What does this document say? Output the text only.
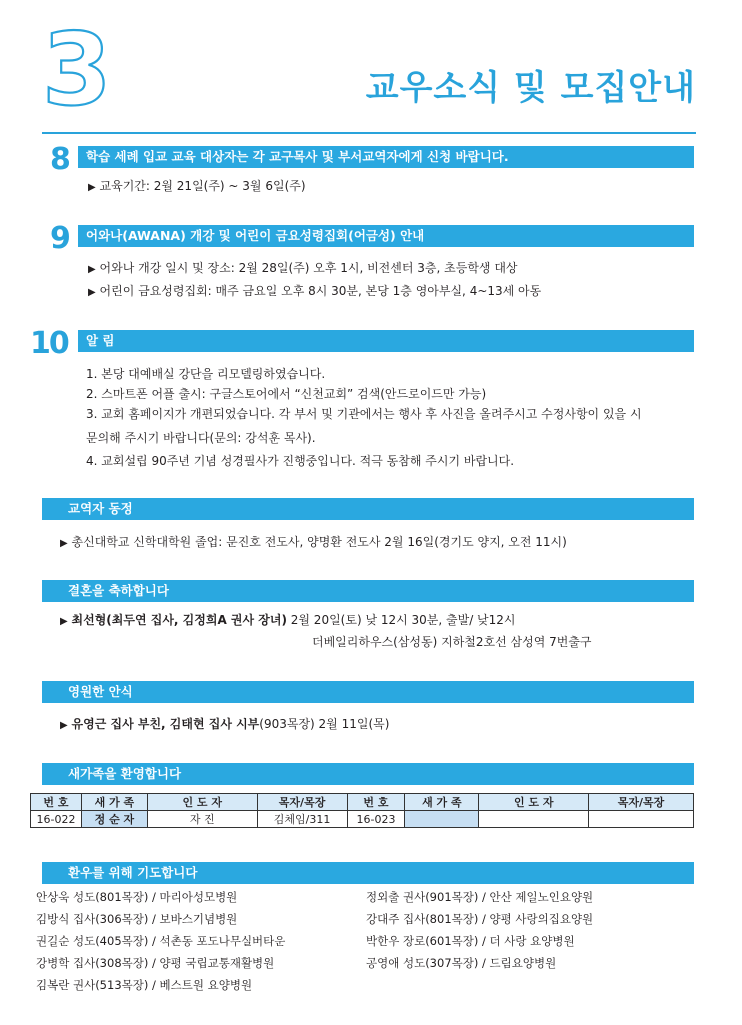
3	교우소식 및 모집안내
8	학습 세례 입교 교육 대상자는 각 교구목사 및 부서교역자에게 신청 바랍니다.
▶ 교육기간: 2월 21일(주) ~ 3월 6일(주)
9	어와나(AWANA) 개강 및 어린이 금요성령집회(어금성) 안내
▶ 어와나 개강 일시 및 장소: 2월 28일(주) 오후 1시, 비전센터 3층, 초등학생 대상
▶ 어린이 금요성령집회: 매주 금요일 오후 8시 30분, 본당 1층 영아부실, 4~13세 아동
10	알 림
1. 본당 대예배실 강단을 리모델링하였습니다.
2. 스마트폰 어플 출시: 구글스토어에서 “신천교회” 검색(안드로이드만 가능)
3. 교회 홈페이지가 개편되었습니다. 각 부서 및 기관에서는 행사 후 사진을 올려주시고 수정사항이 있을 시
문의해 주시기 바랍니다(문의: 강석훈 목사).
4. 교회설립 90주년 기념 성경필사가 진행중입니다. 적극 동참해 주시기 바랍니다.
교역자 동정
▶ 총신대학교 신학대학원 졸업: 문진호 전도사, 양명환 전도사 2월 16일(경기도 양지, 오전 11시)
결혼을 축하합니다
▶ 최선형(최두연 집사, 김정희A 권사 장녀) 2월 20일(토) 낮 12시 30분, 출발/ 낮12시
더베일리하우스(삼성동) 지하철2호선 삼성역 7번출구
영원한 안식
▶ 유영근 집사 부친, 김태현 집사 시부(903목장) 2월 11일(목)
새가족을 환영합니다
번 호	새 가 족	인 도 자	목자/목장	번 호	새 가 족	인 도 자	목자/목장
16-022	정 순 자	자 진	김체임/311	16-023			
환우를 위해 기도합니다
안상욱 성도(801목장) / 마리아성모병원
김방식 집사(306목장) / 보바스기념병원
권길순 성도(405목장) / 석촌동 포도나무실버타운
강병학 집사(308목장) / 양평 국립교통재활병원
김복란 권사(513목장) / 베스트원 요양병원
정외출 권사(901목장) / 안산 제일노인요양원
강대주 집사(801목장) / 양평 사랑의집요양원
박한우 장로(601목장) / 더 사랑 요양병원
공영애 성도(307목장) / 드림요양병원
